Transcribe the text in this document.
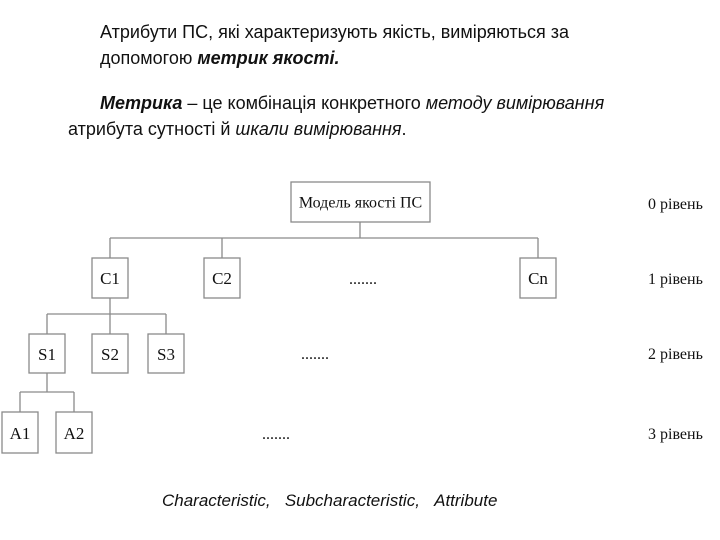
Атрибути ПС, які характеризують якість, виміряються за
допомогою метрик якості.
Метрика – це комбінація конкретного методу вимірювання
атрибута сутності й шкали вимірювання.
Модель якості ПС
C1	C2	.......	Cn
S1	S2 S3	.......
A1 A2	.......
0 рівень
1 рівень
2 рівень
3 рівень
Characteristic, Subcharacteristic, Attribute
